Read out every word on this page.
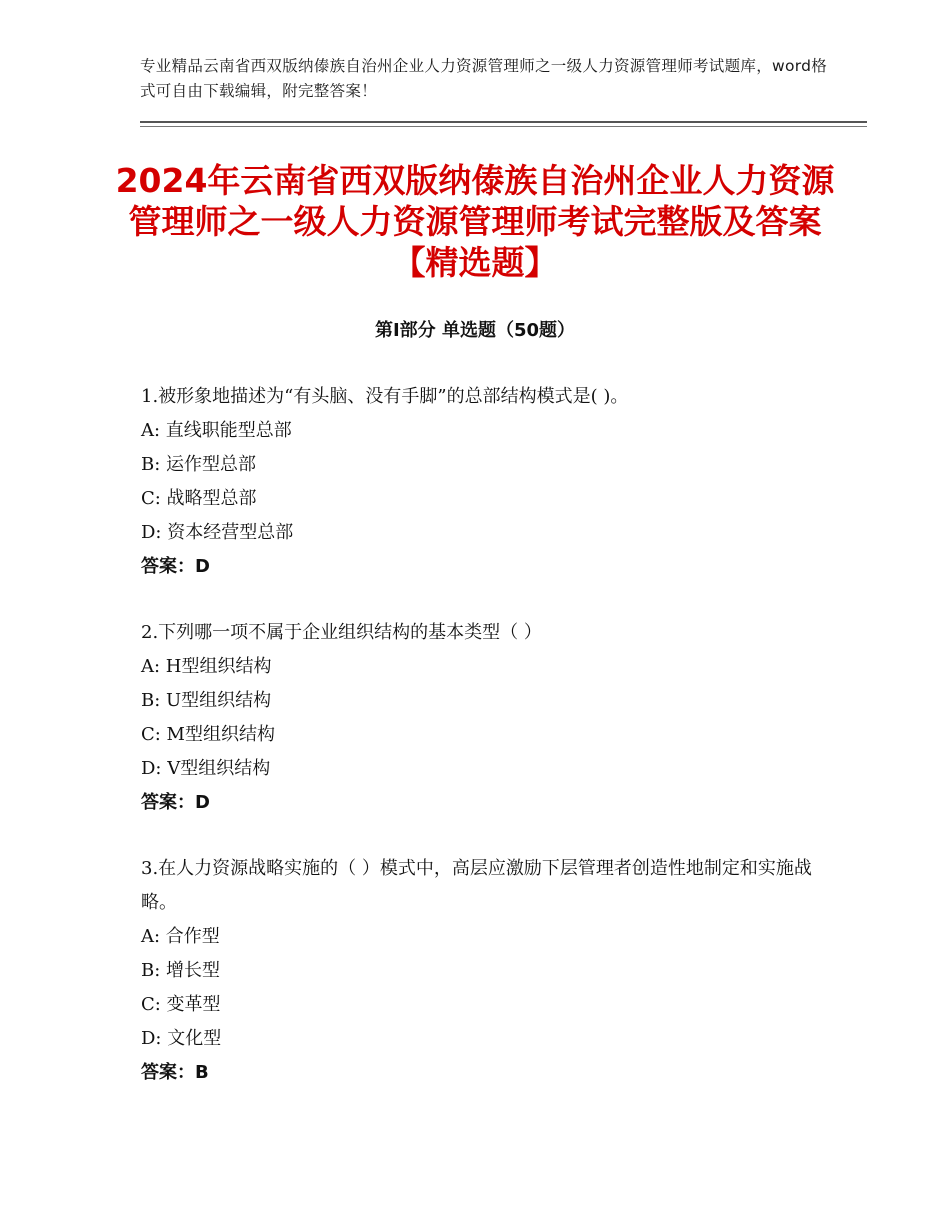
专业精品云南省西双版纳傣族自治州企业人力资源管理师之一级人力资源管理师考试题库，word格式可自由下载编辑，附完整答案！
2024年云南省西双版纳傣族自治州企业人力资源管理师之一级人力资源管理师考试完整版及答案【精选题】
第Ⅰ部分 单选题（50题）
1.被形象地描述为“有头脑、没有手脚”的总部结构模式是( )。
A: 直线职能型总部
B: 运作型总部
C: 战略型总部
D: 资本经营型总部
答案：D
2.下列哪一项不属于企业组织结构的基本类型（ ）
A: H型组织结构
B: U型组织结构
C: M型组织结构
D: V型组织结构
答案：D
3.在人力资源战略实施的（ ）模式中，高层应激励下层管理者创造性地制定和实施战略。
A: 合作型
B: 增长型
C: 变革型
D: 文化型
答案：B
